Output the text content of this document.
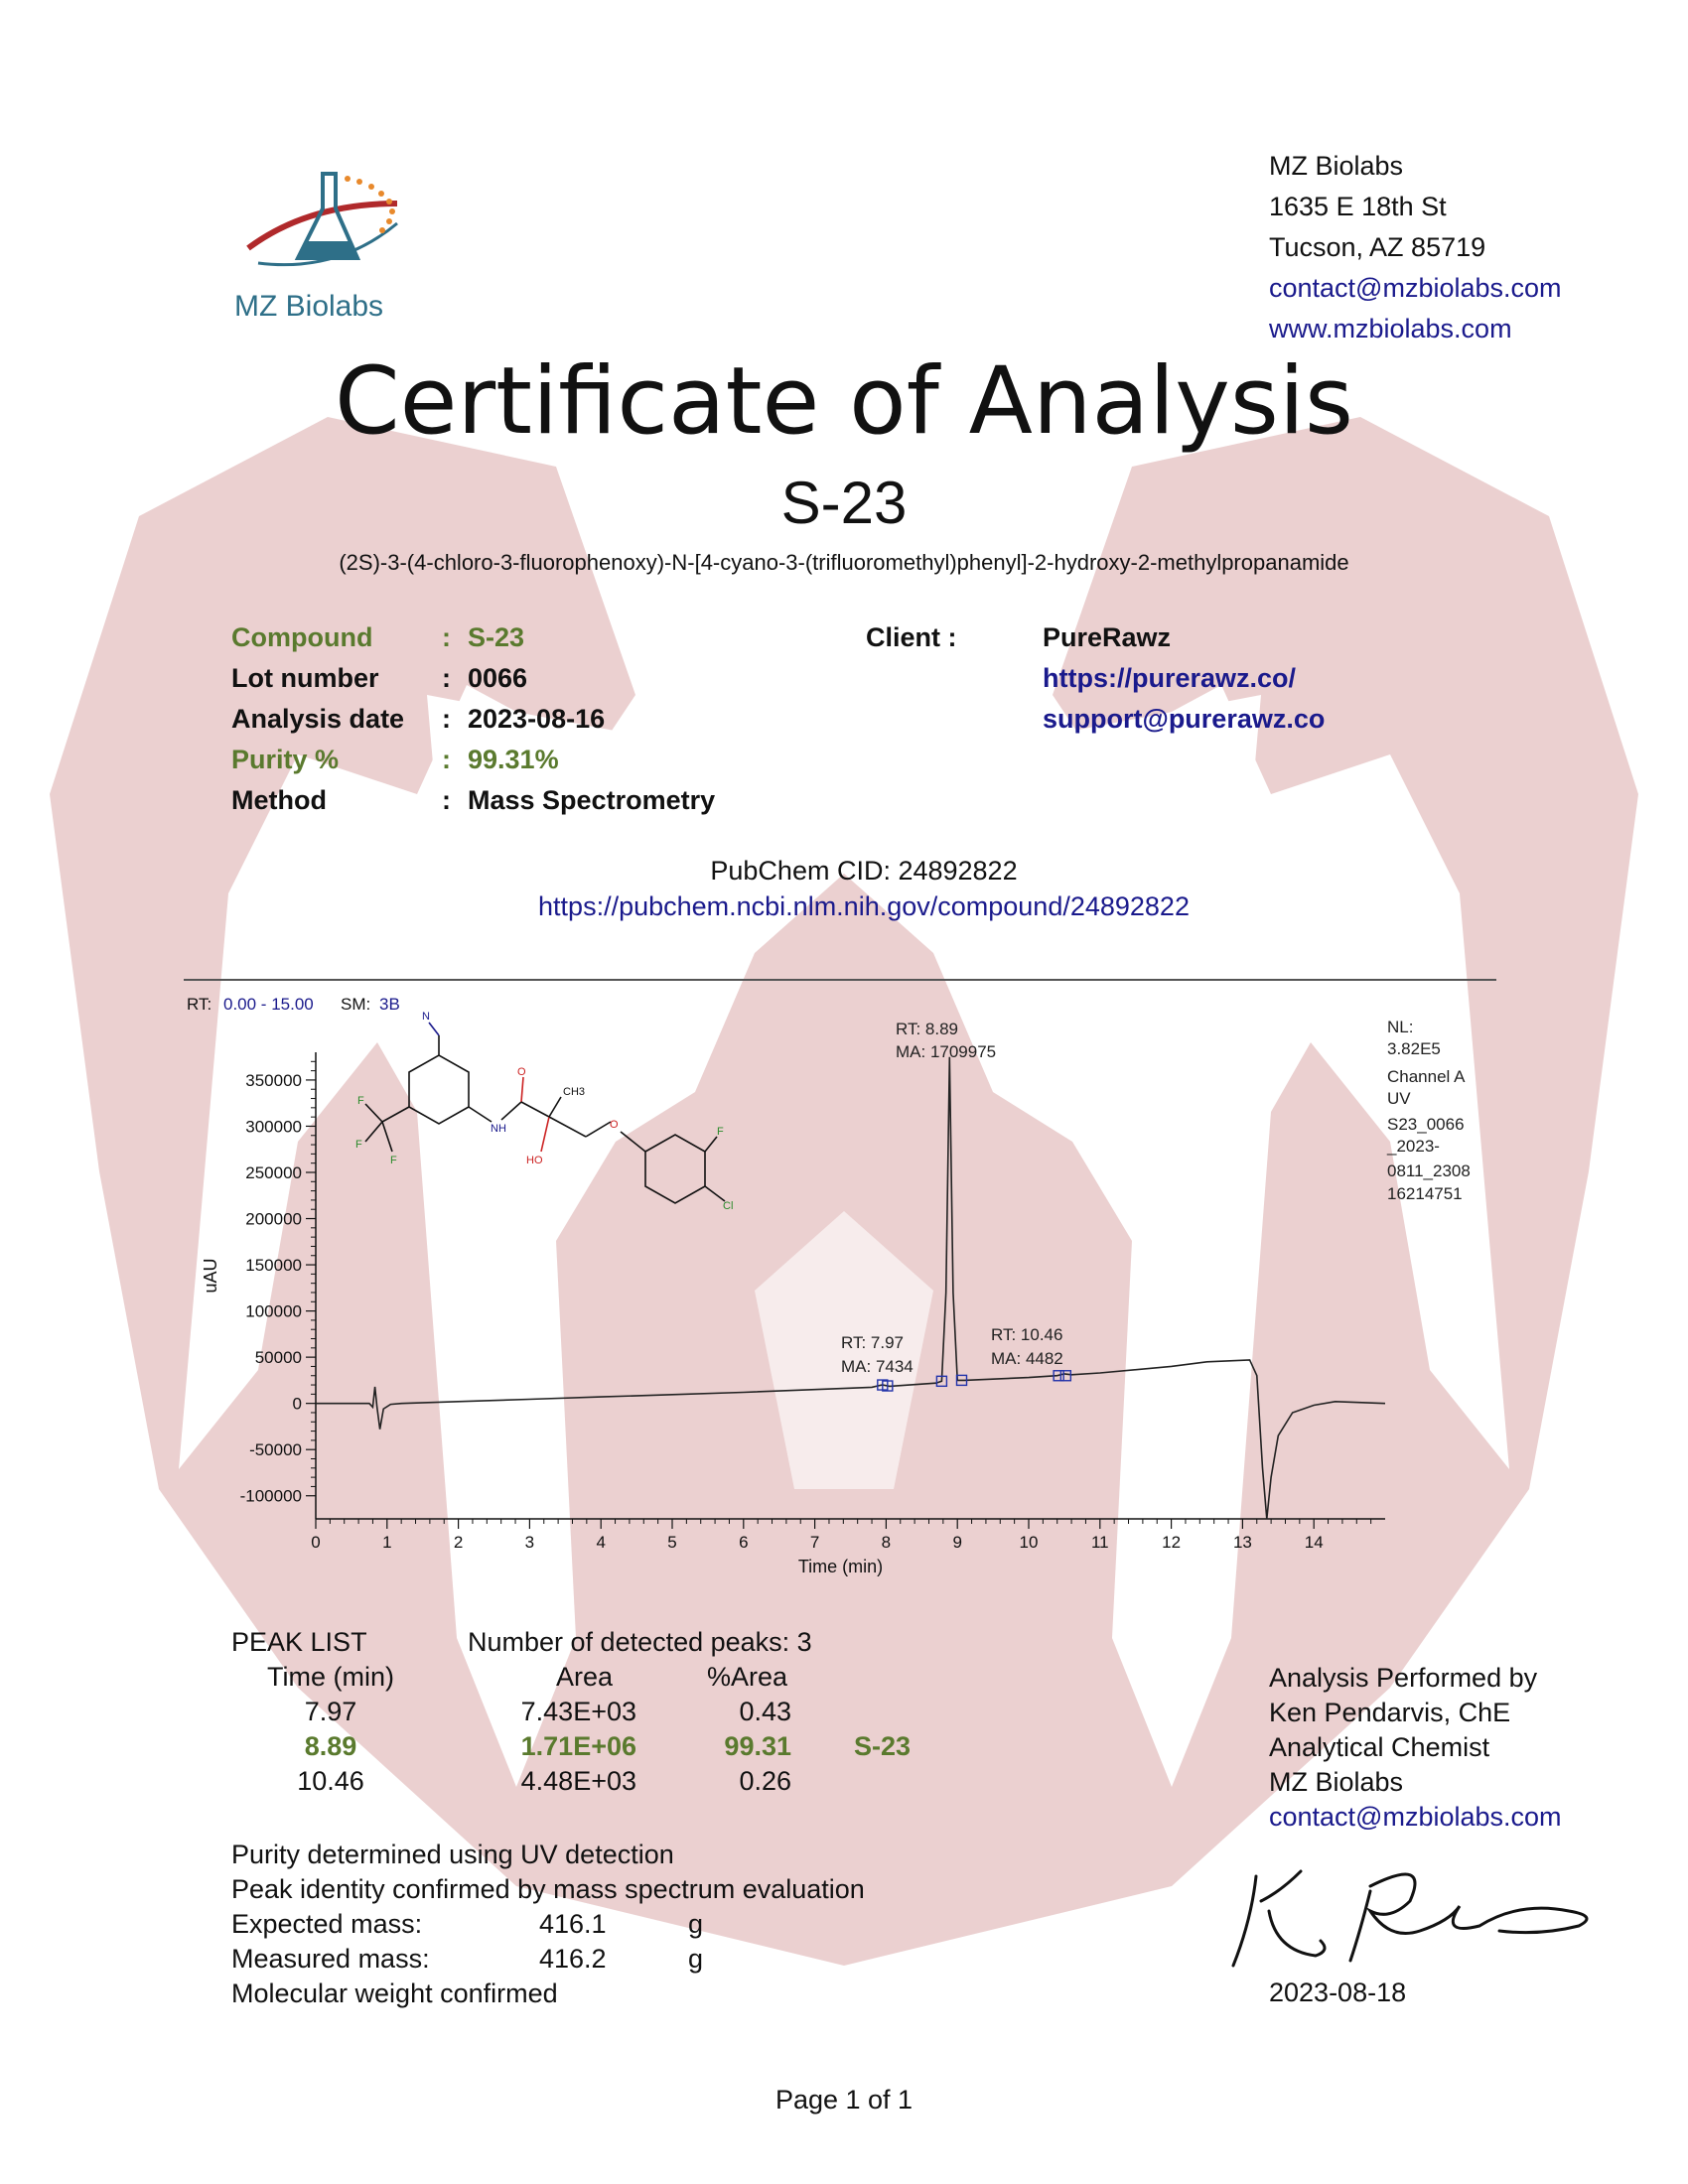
MZ Biolabs
MZ Biolabs
1635 E 18th St
Tucson, AZ 85719
contact@mzbiolabs.com
www.mzbiolabs.com
Certificate of Analysis
S-23
(2S)-3-(4-chloro-3-fluorophenoxy)-N-[4-cyano-3-(trifluoromethyl)phenyl]-2-hydroxy-2-methylpropanamide
Compound	: S-23
Lot number	: 0066
Analysis date	: 2023-08-16
Purity %	: 99.31%
Method	: Mass Spectrometry
Client :	PureRawz
https://purerawz.co/
support@purerawz.co
PubChem CID: 24892822
https://pubchem.ncbi.nlm.nih.gov/compound/24892822
RT: 0.00 - 15.00 SM: 3B
N
F
F
F
NH
O
CH3
HO
O
F
Cl
-100000
-50000
0
50000
100000
150000
200000
250000
300000
350000
0	1	2	3	4	5	6	7	8	9	10	11	12	13	14
Time (min)
uAU
NL:
3.82E5
Channel A
UV
S23_0066
_2023-
0811_2308
16214751
RT: 8.89
MA: 1709975
RT: 7.97
MA: 7434
RT: 10.46
MA: 4482
PEAK LIST	Number of detected peaks: 3
Time (min)	Area	%Area
7.97	7.43E+03	0.43
8.89	1.71E+06	99.31	S-23
10.46	4.48E+03	0.26
Purity determined using UV detection
Peak identity confirmed by mass spectrum evaluation
Expected mass:	416.1	g
Measured mass:	416.2	g
Molecular weight confirmed
Analysis Performed by
Ken Pendarvis, ChE
Analytical Chemist
MZ Biolabs
contact@mzbiolabs.com
2023-08-18
Page 1 of 1
